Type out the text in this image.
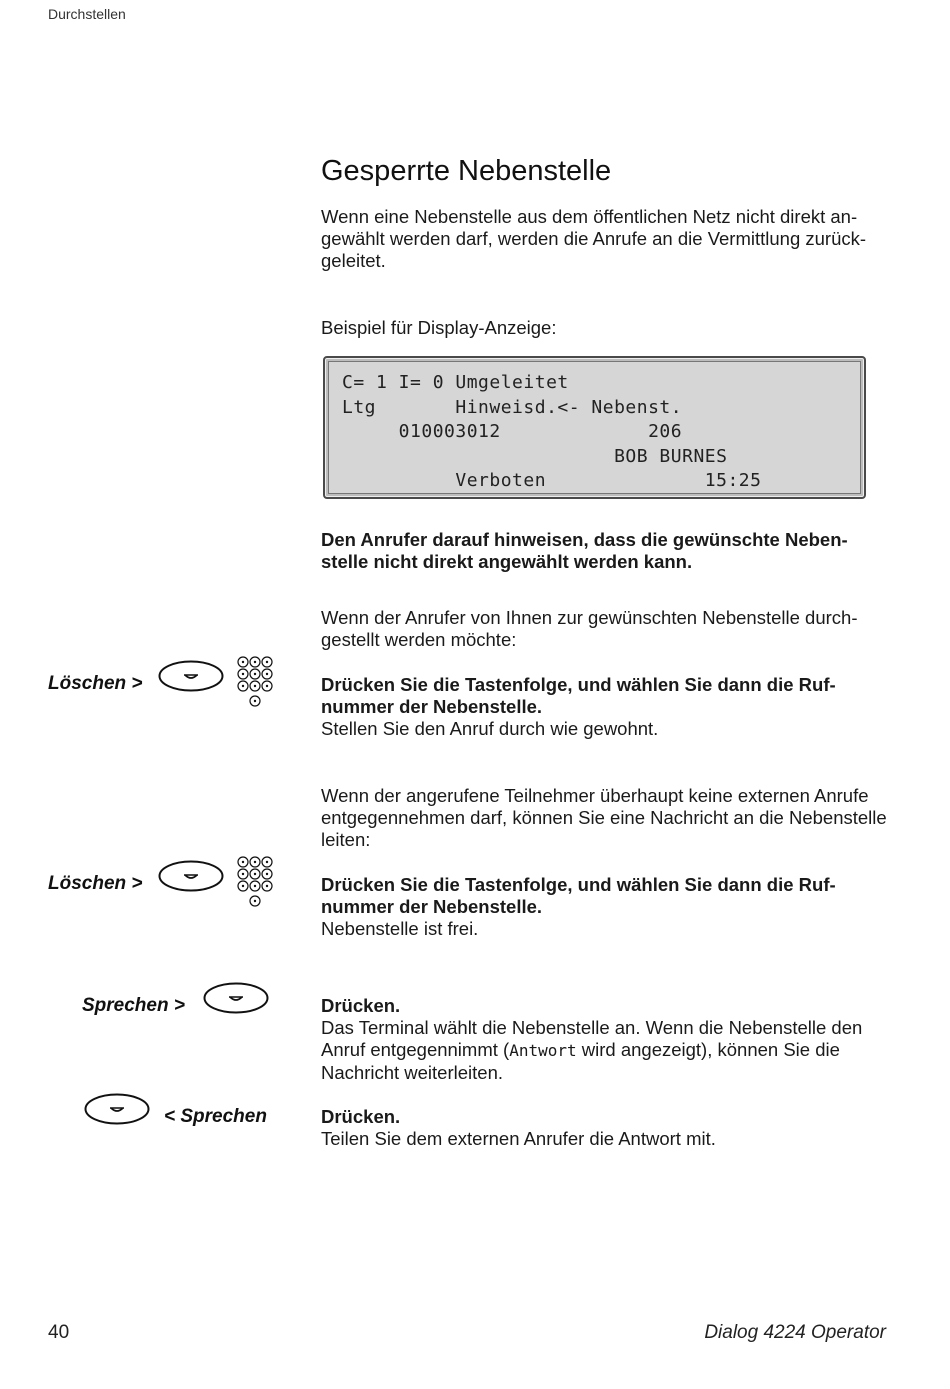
Durchstellen
Gesperrte Nebenstelle
Wenn eine Nebenstelle aus dem öffentlichen Netz nicht direkt an-
gewählt werden darf, werden die Anrufe an die Vermittlung zurück-
geleitet.
Beispiel für Display-Anzeige:
C= 1 I= 0 Umgeleitet
Ltg       Hinweisd.<- Nebenst.
010003012             206
BOB BURNES
Verboten              15:25
Den Anrufer darauf hinweisen, dass die gewünschte Neben-
stelle nicht direkt angewählt werden kann.
Wenn der Anrufer von Ihnen zur gewünschten Nebenstelle durch-
gestellt werden möchte:
Löschen >	Drücken Sie die Tastenfolge, und wählen Sie dann die Ruf-
nummer der Nebenstelle.
Stellen Sie den Anruf durch wie gewohnt.
Wenn der angerufene Teilnehmer überhaupt keine externen Anrufe
entgegennehmen darf, können Sie eine Nachricht an die Nebenstelle
leiten:
Löschen >	Drücken Sie die Tastenfolge, und wählen Sie dann die Ruf-
nummer der Nebenstelle.
Nebenstelle ist frei.
Sprechen >	Drücken.
Das Terminal wählt die Nebenstelle an. Wenn die Nebenstelle den
Anruf entgegennimmt (Antwort wird angezeigt), können Sie die
Nachricht weiterleiten.
< Sprechen	Drücken.
Teilen Sie dem externen Anrufer die Antwort mit.
40	Dialog 4224 Operator
